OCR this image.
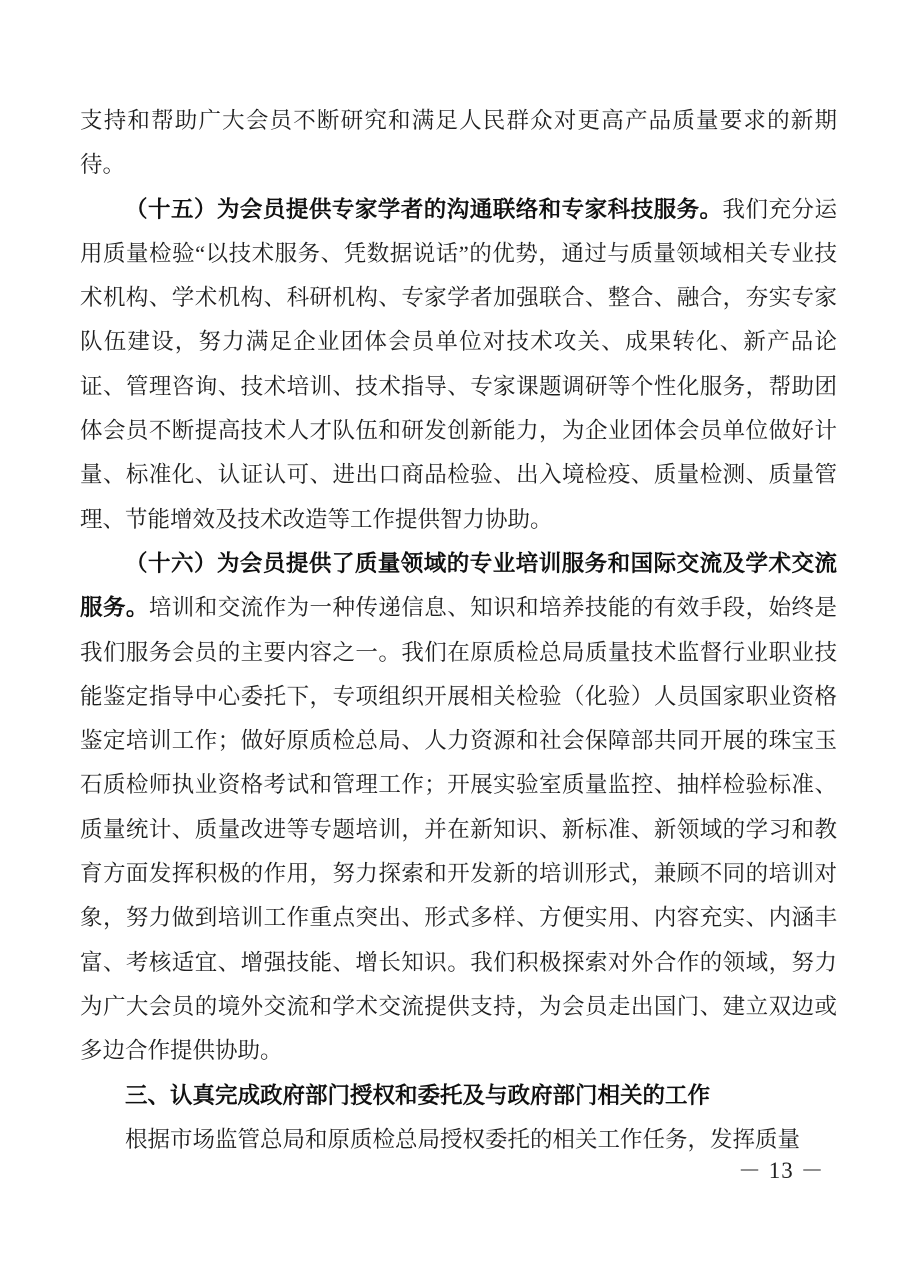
支持和帮助广大会员不断研究和满足人民群众对更高产品质量要求的新期待。

（十五）为会员提供专家学者的沟通联络和专家科技服务。我们充分运用质量检验“以技术服务、凭数据说话”的优势，通过与质量领域相关专业技术机构、学术机构、科研机构、专家学者加强联合、整合、融合，夯实专家队伍建设，努力满足企业团体会员单位对技术攻关、成果转化、新产品论证、管理咨询、技术培训、技术指导、专家课题调研等个性化服务，帮助团体会员不断提高技术人才队伍和研发创新能力，为企业团体会员单位做好计量、标准化、认证认可、进出口商品检验、出入境检疫、质量检测、质量管理、节能增效及技术改造等工作提供智力协助。

（十六）为会员提供了质量领域的专业培训服务和国际交流及学术交流服务。培训和交流作为一种传递信息、知识和培养技能的有效手段，始终是我们服务会员的主要内容之一。我们在原质检总局质量技术监督行业职业技能鉴定指导中心委托下，专项组织开展相关检验（化验）人员国家职业资格鉴定培训工作；做好原质检总局、人力资源和社会保障部共同开展的珠宝玉石质检师执业资格考试和管理工作；开展实验室质量监控、抽样检验标准、质量统计、质量改进等专题培训，并在新知识、新标准、新领域的学习和教育方面发挥积极的作用，努力探索和开发新的培训形式，兼顾不同的培训对象，努力做到培训工作重点突出、形式多样、方便实用、内容充实、内涵丰富、考核适宜、增强技能、增长知识。我们积极探索对外合作的领域，努力为广大会员的境外交流和学术交流提供支持，为会员走出国门、建立双边或多边合作提供协助。

三、认真完成政府部门授权和委托及与政府部门相关的工作

根据市场监管总局和原质检总局授权委托的相关工作任务，发挥质量

－ 13 －
